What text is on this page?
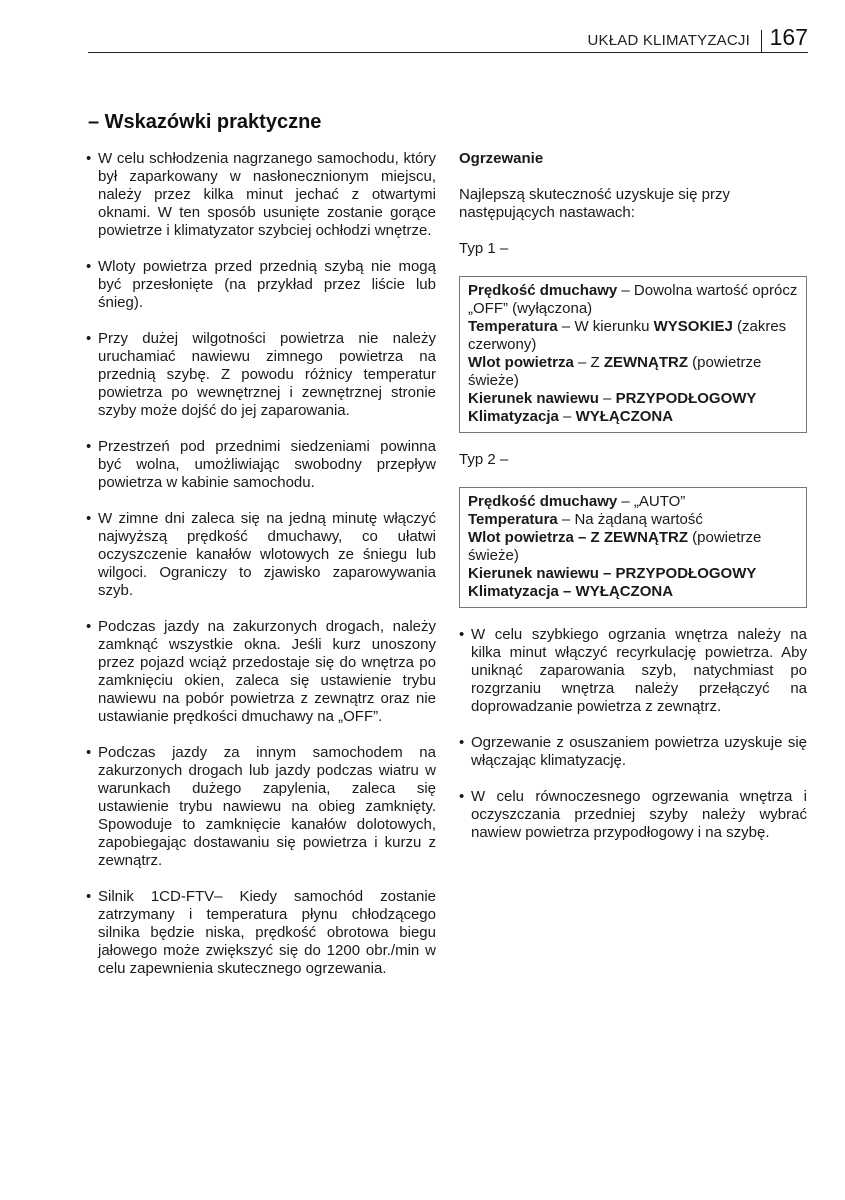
UKŁAD KLIMATYZACJI 167
– Wskazówki praktyczne
• W celu schłodzenia nagrzanego samochodu, który był zaparkowany w nasłonecznionym miejscu, należy przez kilka minut jechać z otwartymi oknami. W ten sposób usunięte zostanie gorące powietrze i klimatyzator szybciej ochłodzi wnętrze.
• Wloty powietrza przed przednią szybą nie mogą być przesłonięte (na przykład przez liście lub śnieg).
• Przy dużej wilgotności powietrza nie należy uruchamiać nawiewu zimnego powietrza na przednią szybę. Z powodu różnicy temperatur powietrza po wewnętrznej i zewnętrznej stronie szyby może dojść do jej zaparowania.
• Przestrzeń pod przednimi siedzeniami powinna być wolna, umożliwiając swobodny przepływ powietrza w kabinie samochodu.
• W zimne dni zaleca się na jedną minutę włączyć najwyższą prędkość dmuchawy, co ułatwi oczyszczenie kanałów wlotowych ze śniegu lub wilgoci. Ograniczy to zjawisko zaparowywania szyb.
• Podczas jazdy na zakurzonych drogach, należy zamknąć wszystkie okna. Jeśli kurz unoszony przez pojazd wciąż przedostaje się do wnętrza po zamknięciu okien, zaleca się ustawienie trybu nawiewu na pobór powietrza z zewnątrz oraz nie ustawianie prędkości dmuchawy na „OFF”.
• Podczas jazdy za innym samochodem na zakurzonych drogach lub jazdy podczas wiatru w warunkach dużego zapylenia, zaleca się ustawienie trybu nawiewu na obieg zamknięty. Spowoduje to zamknięcie kanałów dolotowych, zapobiegając dostawaniu się powietrza i kurzu z zewnątrz.
• Silnik 1CD-FTV– Kiedy samochód zostanie zatrzymany i temperatura płynu chłodzącego silnika będzie niska, prędkość obrotowa biegu jałowego może zwiększyć się do 1200 obr./min w celu zapewnienia skutecznego ogrzewania.
Ogrzewanie
Najlepszą skuteczność uzyskuje się przy następujących nastawach:
Typ 1 –
Prędkość dmuchawy – Dowolna wartość oprócz „OFF” (wyłączona)
Temperatura – W kierunku WYSOKIEJ (zakres czerwony)
Wlot powietrza – Z ZEWNĄTRZ (powietrze świeże)
Kierunek nawiewu – PRZYPODŁOGOWY
Klimatyzacja – WYŁĄCZONA
Typ 2 –
Prędkość dmuchawy – „AUTO”
Temperatura – Na żądaną wartość
Wlot powietrza – Z ZEWNĄTRZ (powietrze świeże)
Kierunek nawiewu – PRZYPODŁOGOWY
Klimatyzacja – WYŁĄCZONA
• W celu szybkiego ogrzania wnętrza należy na kilka minut włączyć recyrkulację powietrza. Aby uniknąć zaparowania szyb, natychmiast po rozgrzaniu wnętrza należy przełączyć na doprowadzanie powietrza z zewnątrz.
• Ogrzewanie z osuszaniem powietrza uzyskuje się włączając klimatyzację.
• W celu równoczesnego ogrzewania wnętrza i oczyszczania przedniej szyby należy wybrać nawiew powietrza przypodłogowy i na szybę.
